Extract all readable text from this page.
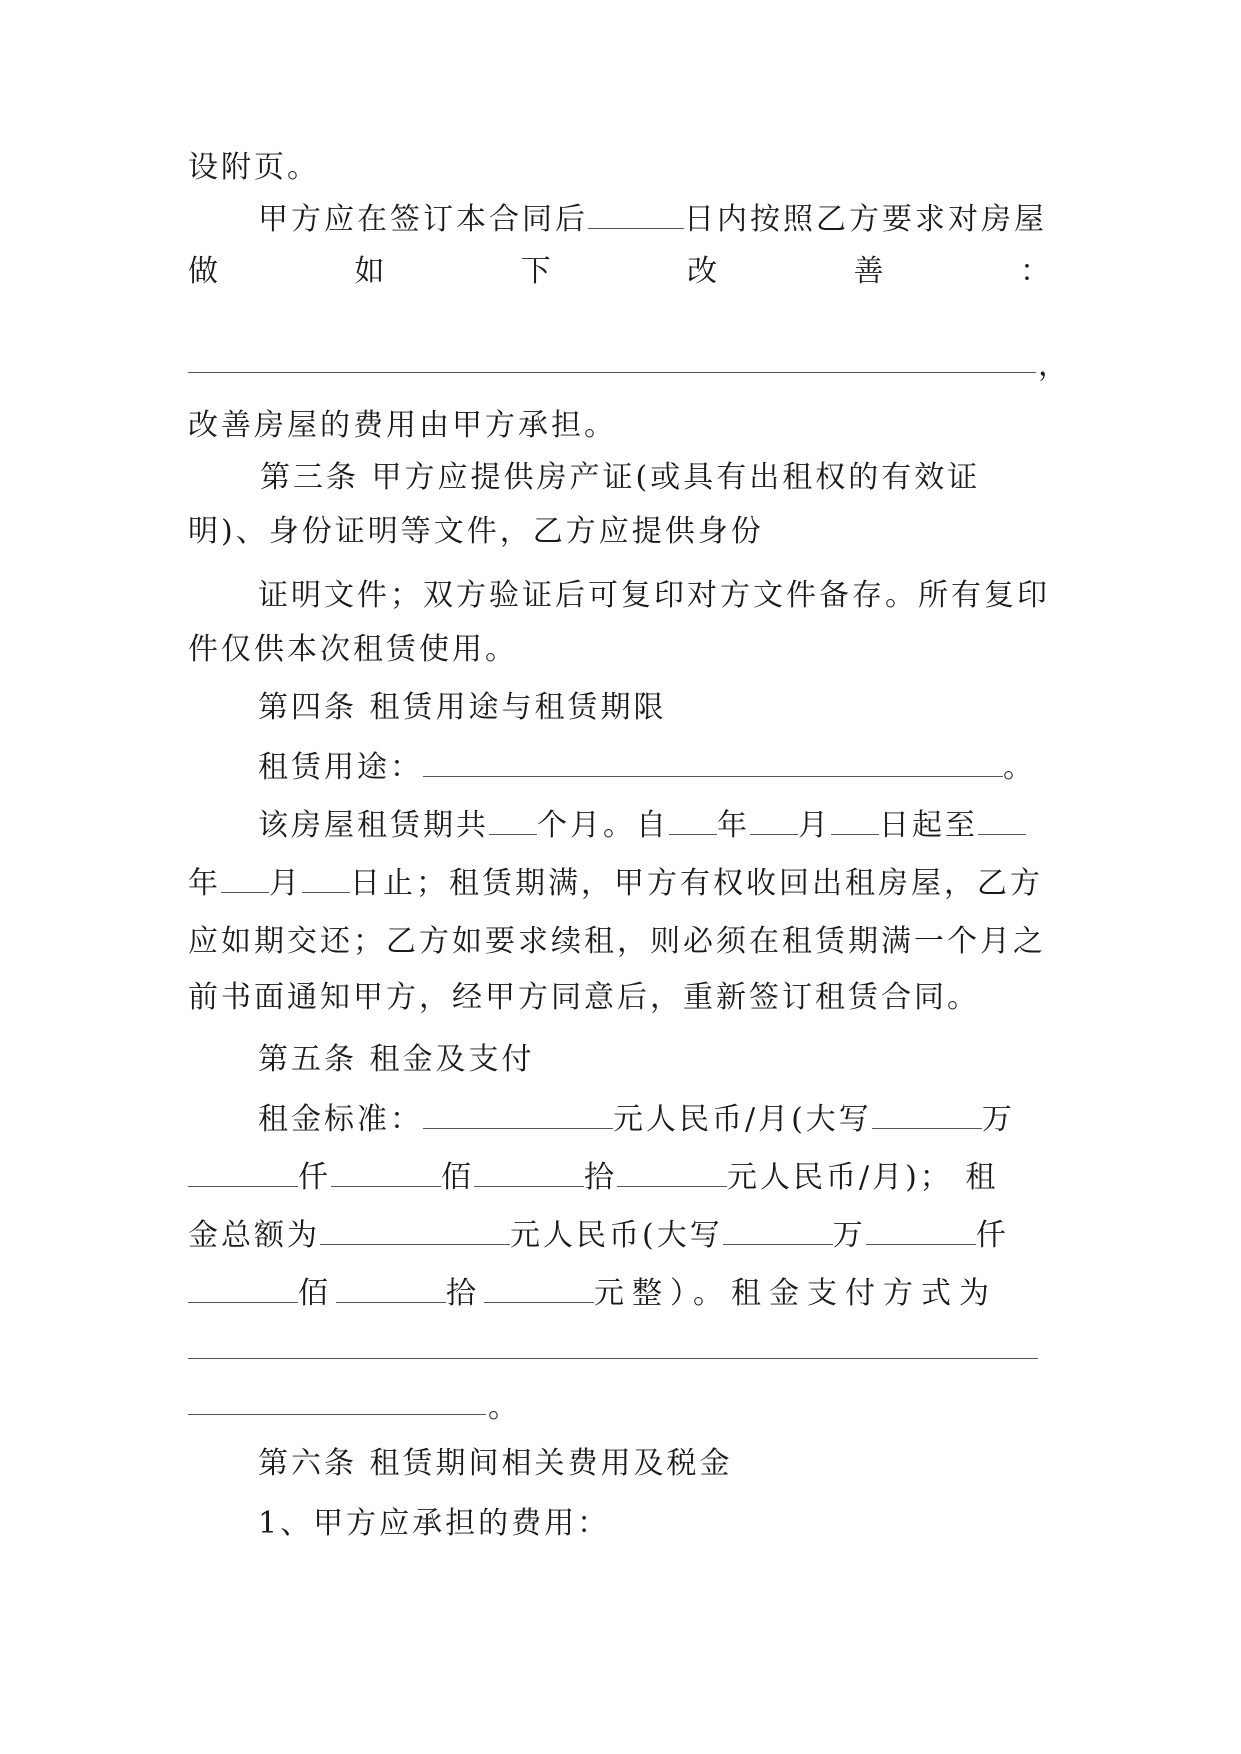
设附页。
甲方应在签订本合同后	日内按照乙方要求对房屋
做	如	下	改	善	：
，
改善房屋的费用由甲方承担。
第三条 甲方应提供房产证(或具有出租权的有效证
明)、身份证明等文件，乙方应提供身份
证明文件；双方验证后可复印对方文件备存。所有复印
件仅供本次租赁使用。
第四条 租赁用途与租赁期限
租赁用途：	。
该房屋租赁期共 个月。自 年 月 日起至
年 月 日止；租赁期满，甲方有权收回出租房屋，乙方
应如期交还；乙方如要求续租，则必须在租赁期满一个月之
前书面通知甲方，经甲方同意后，重新签订租赁合同。
第五条 租金及支付
租金标准：	元人民币/月(大写	万
仟	佰	拾	元人民币/月)； 租
金总额为	元人民币(大写	万	仟
佰	拾	元整）。租金支付方式为
。
第六条 租赁期间相关费用及税金
1、甲方应承担的费用：
